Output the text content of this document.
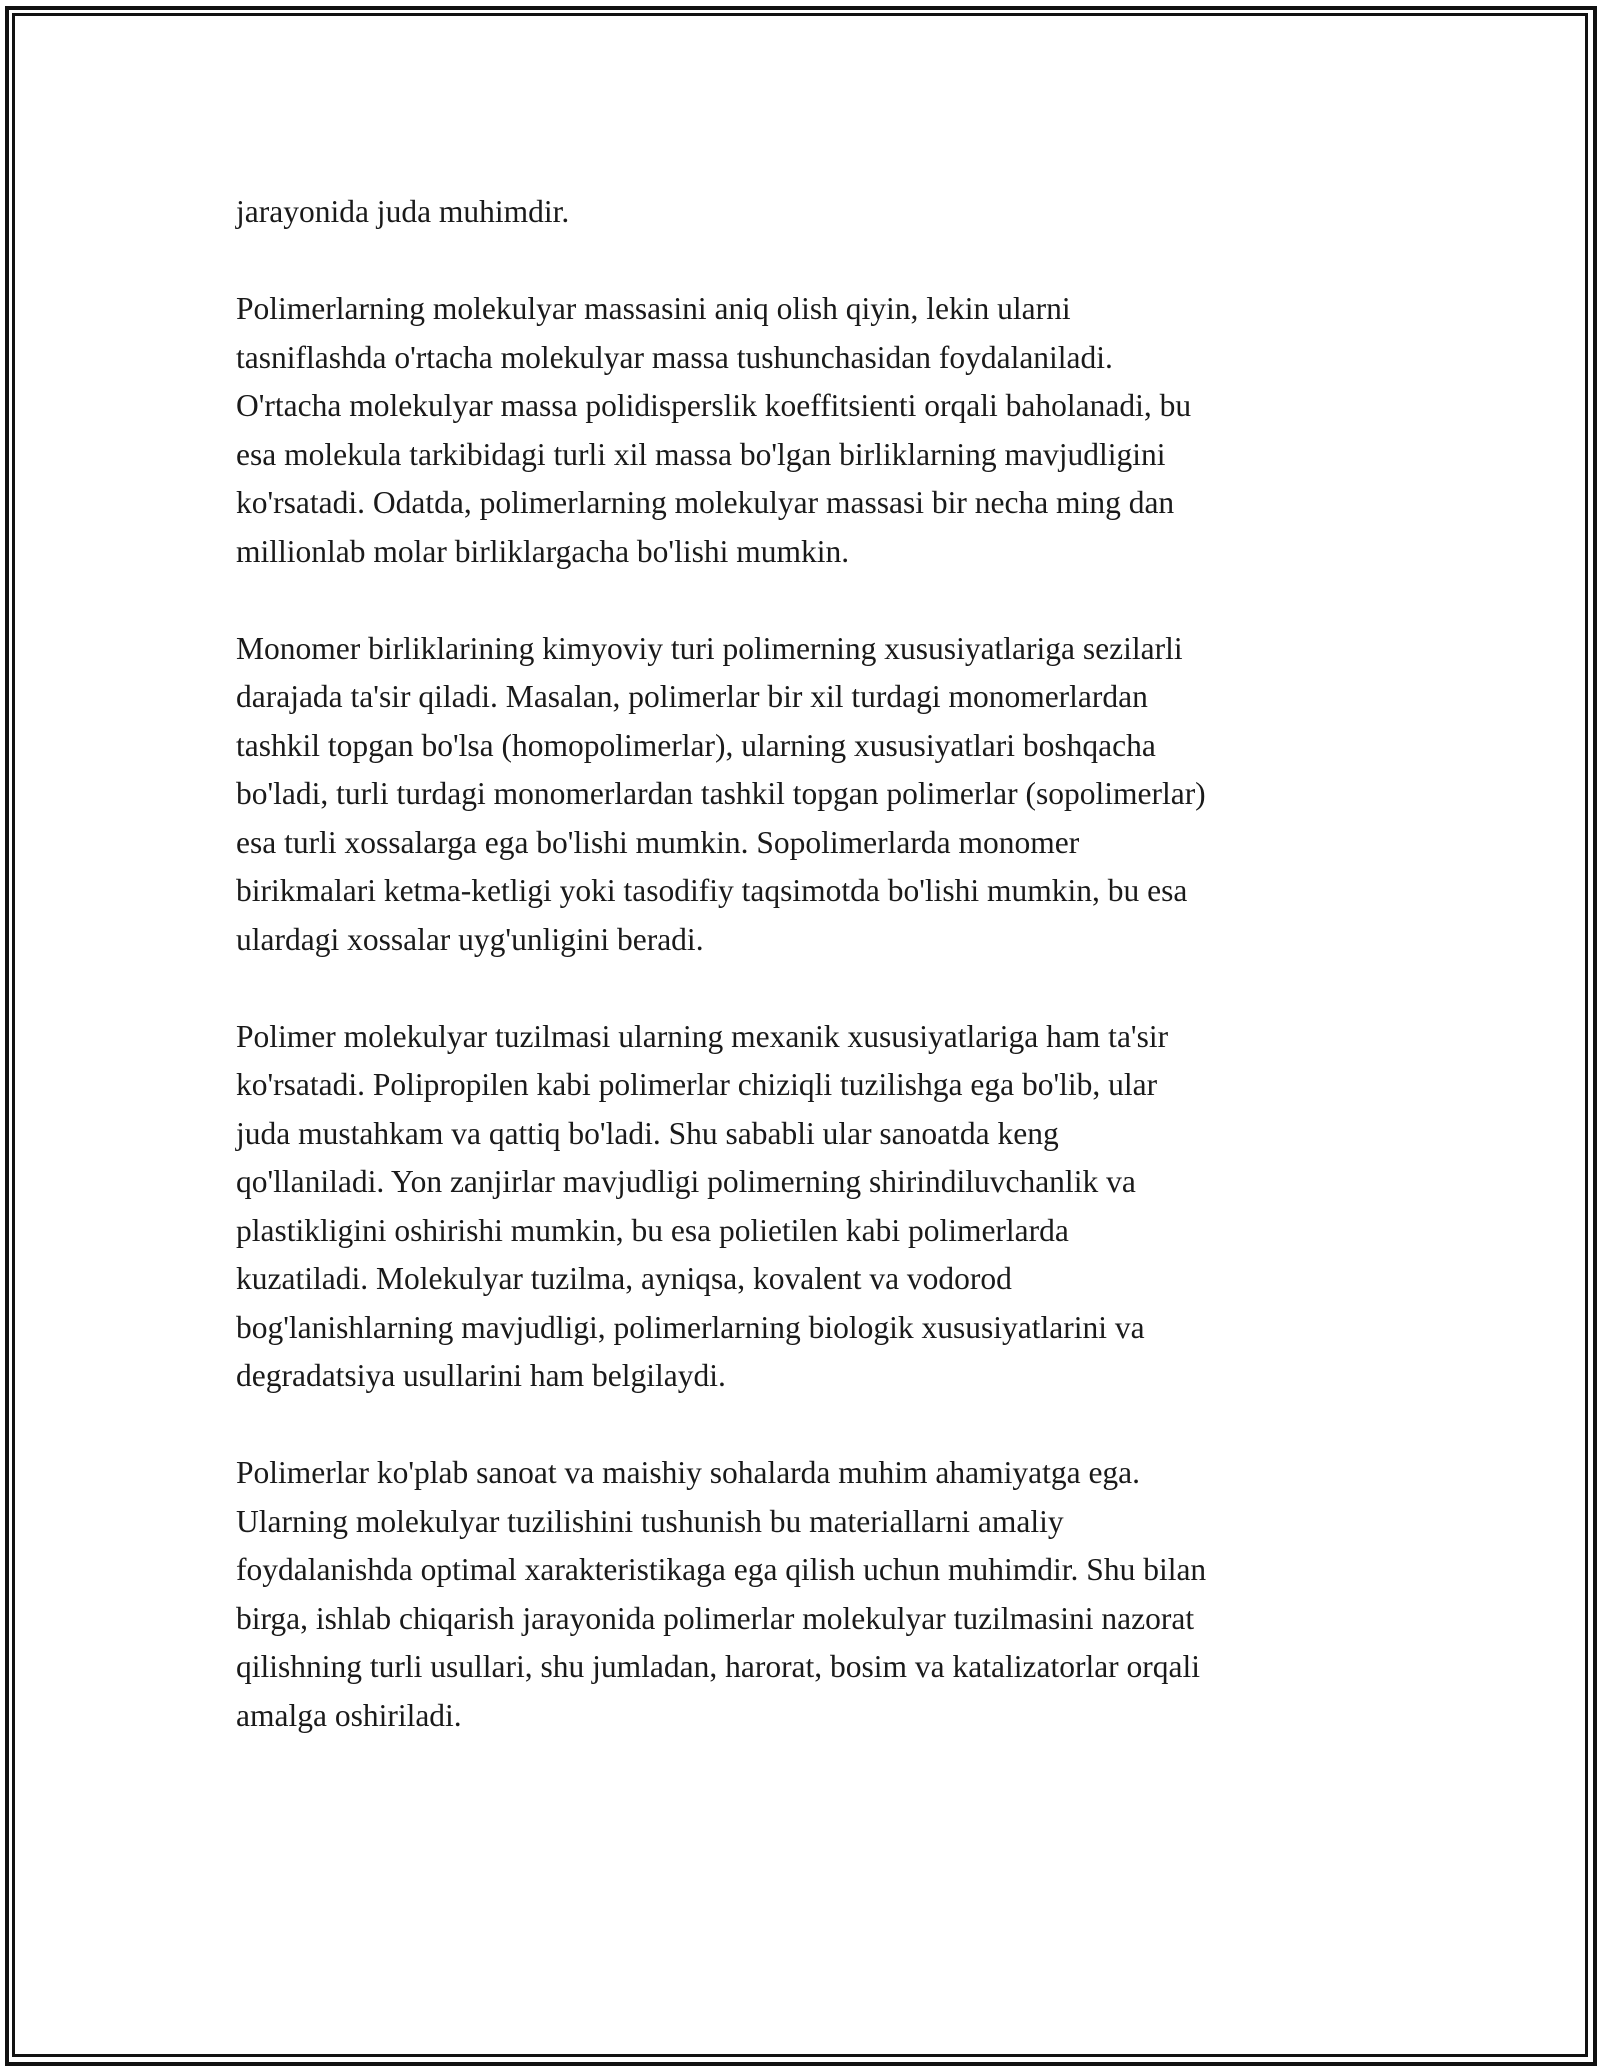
jarayonida juda muhimdir.

Polimerlarning molekulyar massasini aniq olish qiyin, lekin ularni
tasniflashda o'rtacha molekulyar massa tushunchasidan foydalaniladi.
O'rtacha molekulyar massa polidisperslik koeffitsienti orqali baholanadi, bu
esa molekula tarkibidagi turli xil massa bo'lgan birliklarning mavjudligini
ko'rsatadi. Odatda, polimerlarning molekulyar massasi bir necha ming dan
millionlab molar birliklargacha bo'lishi mumkin.

Monomer birliklarining kimyoviy turi polimerning xususiyatlariga sezilarli
darajada ta'sir qiladi. Masalan, polimerlar bir xil turdagi monomerlardan
tashkil topgan bo'lsa (homopolimerlar), ularning xususiyatlari boshqacha
bo'ladi, turli turdagi monomerlardan tashkil topgan polimerlar (sopolimerlar)
esa turli xossalarga ega bo'lishi mumkin. Sopolimerlarda monomer
birikmalari ketma-ketligi yoki tasodifiy taqsimotda bo'lishi mumkin, bu esa
ulardagi xossalar uyg'unligini beradi.

Polimer molekulyar tuzilmasi ularning mexanik xususiyatlariga ham ta'sir
ko'rsatadi. Polipropilen kabi polimerlar chiziqli tuzilishga ega bo'lib, ular
juda mustahkam va qattiq bo'ladi. Shu sababli ular sanoatda keng
qo'llaniladi. Yon zanjirlar mavjudligi polimerning shirindiluvchanlik va
plastikligini oshirishi mumkin, bu esa polietilen kabi polimerlarda
kuzatiladi. Molekulyar tuzilma, ayniqsa, kovalent va vodorod
bog'lanishlarning mavjudligi, polimerlarning biologik xususiyatlarini va
degradatsiya usullarini ham belgilaydi.

Polimerlar ko'plab sanoat va maishiy sohalarda muhim ahamiyatga ega.
Ularning molekulyar tuzilishini tushunish bu materiallarni amaliy
foydalanishda optimal xarakteristikaga ega qilish uchun muhimdir. Shu bilan
birga, ishlab chiqarish jarayonida polimerlar molekulyar tuzilmasini nazorat
qilishning turli usullari, shu jumladan, harorat, bosim va katalizatorlar orqali
amalga oshiriladi.
